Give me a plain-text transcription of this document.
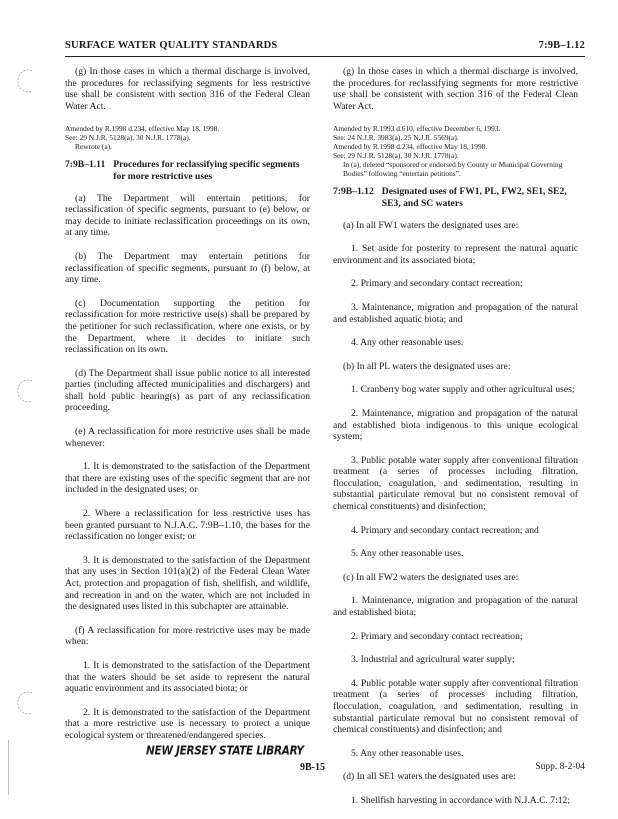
SURFACE WATER QUALITY STANDARDS	7:9B–1.12

(g) In those cases in which a thermal discharge is involved, the procedures for reclassifying segments for less restrictive use shall be consistent with section 316 of the Federal Clean Water Act.

Amended by R.1998 d.234, effective May 18, 1998.
See: 29 N.J.R. 5128(a), 30 N.J.R. 1778(a).
Rewrote (a).
7:9B–1.11 Procedures for reclassifying specific segments for more restrictive uses

(a) The Department will entertain petitions, for reclassification of specific segments, pursuant to (e) below, or may decide to initiate reclassification proceedings on its own, at any time.

(b) The Department may entertain petitions for reclassification of specific segments, pursuant to (f) below, at any time.

(c) Documentation supporting the petition for reclassification for more restrictive use(s) shall be prepared by the petitioner for such reclassification, where one exists, or by the Department, where it decides to initiate such reclassification on its own.

(d) The Department shall issue public notice to all interested parties (including affected municipalities and dischargers) and shall hold public hearing(s) as part of any reclassification proceeding.

(e) A reclassification for more restrictive uses shall be made whenever:

1. It is demonstrated to the satisfaction of the Department that there are existing uses of the specific segment that are not included in the designated uses; or

2. Where a reclassification for less restrictive uses has been granted pursuant to N.J.A.C. 7:9B–1.10, the bases for the reclassification no longer exist; or

3. It is demonstrated to the satisfaction of the Department that any uses in Section 101(a)(2) of the Federal Clean Water Act, protection and propagation of fish, shellfish, and wildlife, and recreation in and on the water, which are not included in the designated uses listed in this subchapter are attainable.

(f) A reclassification for more restrictive uses may be made when:

1. It is demonstrated to the satisfaction of the Department that the waters should be set aside to represent the natural aquatic environment and its associated biota; or

2. It is demonstrated to the satisfaction of the Department that a more restrictive use is necessary to protect a unique ecological system or threatened/endangered species.

(g) In those cases in which a thermal discharge is involved, the procedures for reclassifying segments for more restrictive use shall be consistent with section 316 of the Federal Clean Water Act.

Amended by R.1993 d.610, effective December 6, 1993.
See: 24 N.J.R. 3983(a), 25 N.J.R. 5569(a).
Amended by R.1998 d.234, effective May 18, 1998.
See: 29 N.J.R. 5128(a), 30 N.J.R. 1778(a).
In (a), deleted “sponsored or endorsed by County or Municipal Governing Bodies” following “entertain petitions”.
7:9B–1.12 Designated uses of FW1, PL, FW2, SE1, SE2, SE3, and SC waters

(a) In all FW1 waters the designated uses are:

1. Set aside for posterity to represent the natural aquatic environment and its associated biota;

2. Primary and secondary contact recreation;

3. Maintenance, migration and propagation of the natural and established aquatic biota; and

4. Any other reasonable uses.

(b) In all PL waters the designated uses are:

1. Cranberry bog water supply and other agricultural uses;

2. Maintenance, migration and propagation of the natural and established biota indigenous to this unique ecological system;

3. Public potable water supply after conventional filtration treatment (a series of processes including filtration, flocculation, coagulation, and sedimentation, resulting in substantial particulate removal but no consistent removal of chemical constituents) and disinfection;

4. Primary and secondary contact recreation; and

5. Any other reasonable uses.

(c) In all FW2 waters the designated uses are:

1. Maintenance, migration and propagation of the natural and established biota;

2. Primary and secondary contact recreation;

3. Industrial and agricultural water supply;

4. Public potable water supply after conventional filtration treatment (a series of processes including filtration, flocculation, coagulation, and sedimentation, resulting in substantial particulate removal but no consistent removal of chemical constituents) and disinfection; and

5. Any other reasonable uses.

(d) In all SE1 waters the designated uses are:

1. Shellfish harvesting in accordance with N.J.A.C. 7:12;

NEW JERSEY STATE LIBRARY
9B-15	Supp. 8-2-04
